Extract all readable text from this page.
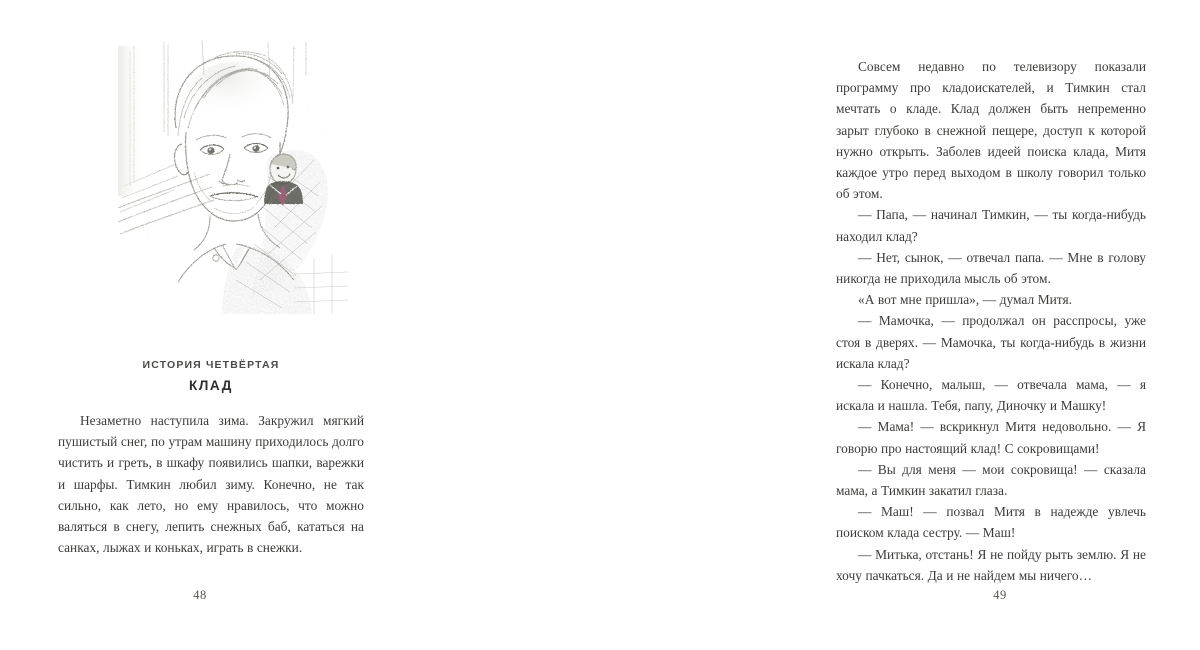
ИСТОРИЯ ЧЕТВЁРТАЯ
КЛАД

Незаметно наступила зима. Закружил мягкий пушистый снег, по утрам машину приходилось долго чистить и греть, в шкафу появились шапки, варежки и шарфы. Тимкин любил зиму. Конечно, не так сильно, как лето, но ему нравилось, что можно валяться в снегу, лепить снежных баб, кататься на санках, лыжах и коньках, играть в снежки.

48

Совсем недавно по телевизору показали программу про кладоискателей, и Тимкин стал мечтать о кладе. Клад должен быть непременно зарыт глубоко в снежной пещере, доступ к которой нужно открыть. Заболев идеей поиска клада, Митя каждое утро перед выходом в школу говорил только об этом.

— Папа, — начинал Тимкин, — ты когда-нибудь находил клад?

— Нет, сынок, — отвечал папа. — Мне в голову никогда не приходила мысль об этом.

«А вот мне пришла», — думал Митя.

— Мамочка, — продолжал он расспросы, уже стоя в дверях. — Мамочка, ты когда-нибудь в жизни искала клад?

— Конечно, малыш, — отвечала мама, — я искала и нашла. Тебя, папу, Диночку и Машку!

— Мама! — вскрикнул Митя недовольно. — Я говорю про настоящий клад! С сокровищами!

— Вы для меня — мои сокровища! — сказала мама, а Тимкин закатил глаза.

— Маш! — позвал Митя в надежде увлечь поиском клада сестру. — Маш!

— Митька, отстань! Я не пойду рыть землю. Я не хочу пачкаться. Да и не найдем мы ничего…

49
